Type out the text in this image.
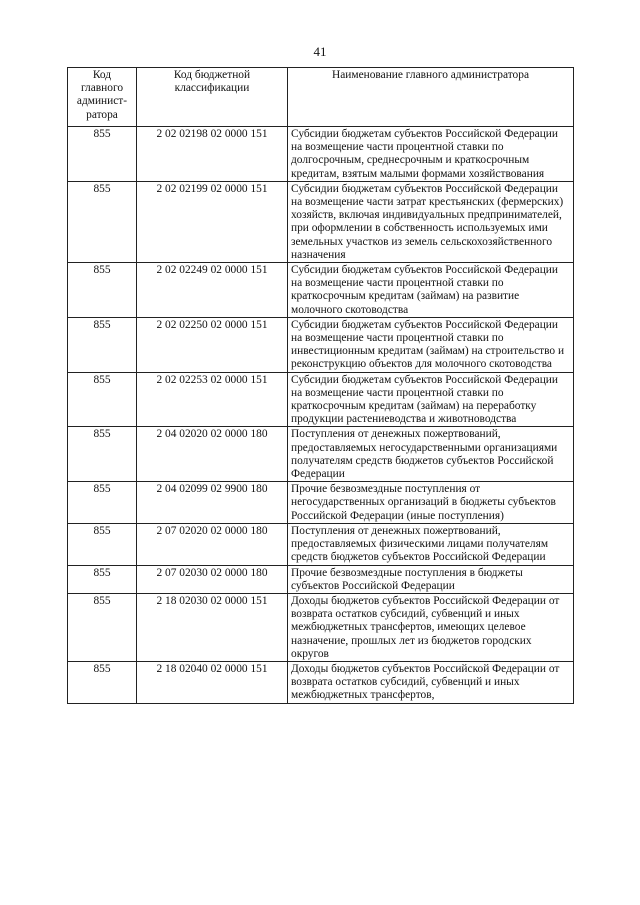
41
Код главного админист-ратора	Код бюджетной классификации	Наименование главного администратора
855	2 02 02198 02 0000 151	Субсидии бюджетам субъектов Российской Федерации на возмещение части процентной ставки по долгосрочным, среднесрочным и краткосрочным кредитам, взятым малыми формами хозяйствования
855	2 02 02199 02 0000 151	Субсидии бюджетам субъектов Российской Федерации на возмещение части затрат крестьянских (фермерских) хозяйств, включая индивидуальных предпринимателей, при оформлении в собственность используемых ими земельных участков из земель сельскохозяйственного назначения
855	2 02 02249 02 0000 151	Субсидии бюджетам субъектов Российской Федерации на возмещение части процентной ставки по краткосрочным кредитам (займам) на развитие молочного скотоводства
855	2 02 02250 02 0000 151	Субсидии бюджетам субъектов Российской Федерации на возмещение части процентной ставки по инвестиционным кредитам (займам) на строительство и реконструкцию объектов для молочного скотоводства
855	2 02 02253 02 0000 151	Субсидии бюджетам субъектов Российской Федерации на возмещение части процентной ставки по краткосрочным кредитам (займам) на переработку продукции растениеводства и животноводства
855	2 04 02020 02 0000 180	Поступления от денежных пожертвований, предоставляемых негосударственными организациями получателям средств бюджетов субъектов Российской Федерации
855	2 04 02099 02 9900 180	Прочие безвозмездные поступления от негосударственных организаций в бюджеты субъектов Российской Федерации (иные поступления)
855	2 07 02020 02 0000 180	Поступления от денежных пожертвований, предоставляемых физическими лицами получателям средств бюджетов субъектов Российской Федерации
855	2 07 02030 02 0000 180	Прочие безвозмездные поступления в бюджеты субъектов Российской Федерации
855	2 18 02030 02 0000 151	Доходы бюджетов субъектов Российской Федерации от возврата остатков субсидий, субвенций и иных межбюджетных трансфертов, имеющих целевое назначение, прошлых лет из бюджетов городских округов
855	2 18 02040 02 0000 151	Доходы бюджетов субъектов Российской Федерации от возврата остатков субсидий, субвенций и иных межбюджетных трансфертов,
